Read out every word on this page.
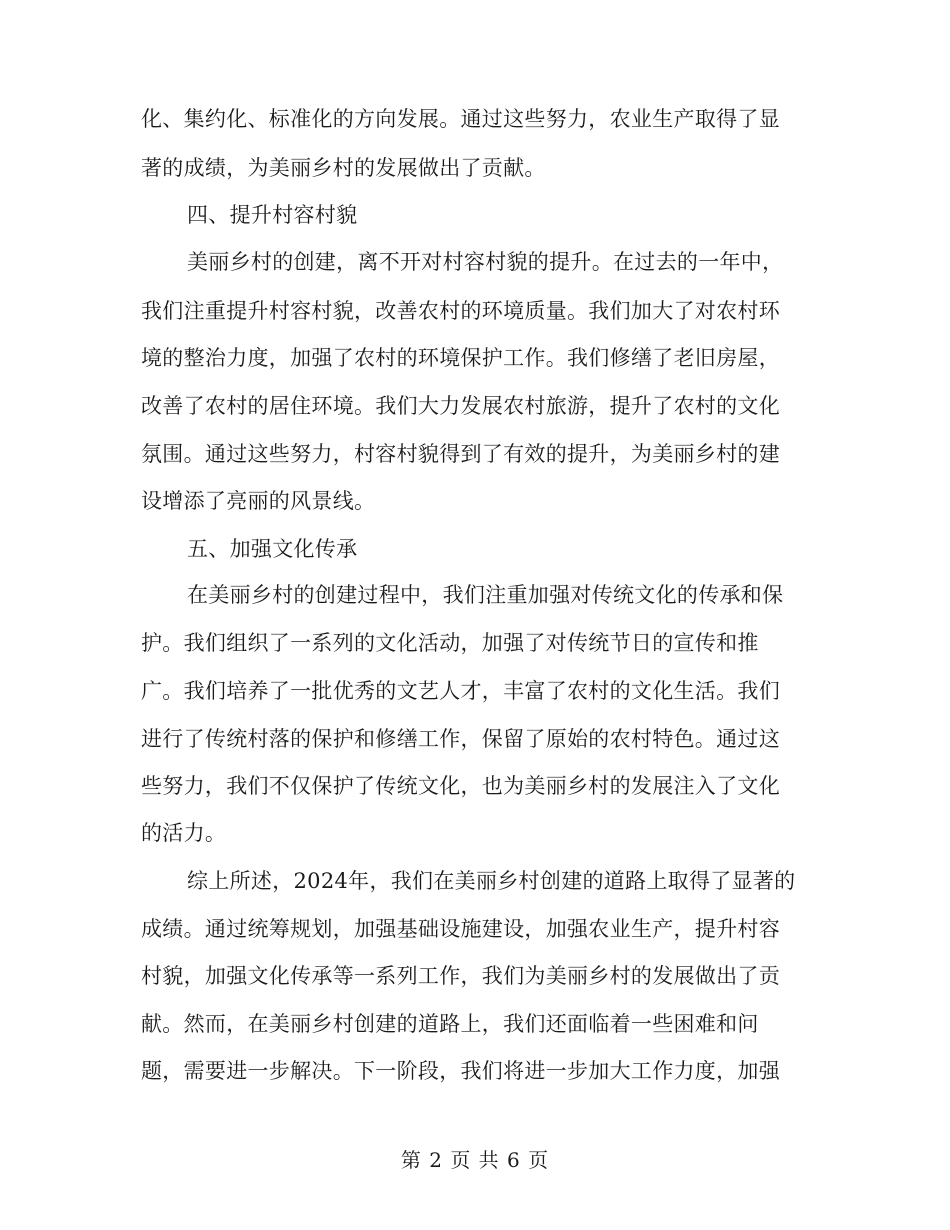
化、集约化、标准化的方向发展。通过这些努力，农业生产取得了显
著的成绩，为美丽乡村的发展做出了贡献。
四、提升村容村貌
美丽乡村的创建，离不开对村容村貌的提升。在过去的一年中，
我们注重提升村容村貌，改善农村的环境质量。我们加大了对农村环
境的整治力度，加强了农村的环境保护工作。我们修缮了老旧房屋，
改善了农村的居住环境。我们大力发展农村旅游，提升了农村的文化
氛围。通过这些努力，村容村貌得到了有效的提升，为美丽乡村的建
设增添了亮丽的风景线。
五、加强文化传承
在美丽乡村的创建过程中，我们注重加强对传统文化的传承和保
护。我们组织了一系列的文化活动，加强了对传统节日的宣传和推
广。我们培养了一批优秀的文艺人才，丰富了农村的文化生活。我们
进行了传统村落的保护和修缮工作，保留了原始的农村特色。通过这
些努力，我们不仅保护了传统文化，也为美丽乡村的发展注入了文化
的活力。
综上所述，2024年，我们在美丽乡村创建的道路上取得了显著的
成绩。通过统筹规划，加强基础设施建设，加强农业生产，提升村容
村貌，加强文化传承等一系列工作，我们为美丽乡村的发展做出了贡
献。然而，在美丽乡村创建的道路上，我们还面临着一些困难和问
题，需要进一步解决。下一阶段，我们将进一步加大工作力度，加强
第 2 页 共 6 页
